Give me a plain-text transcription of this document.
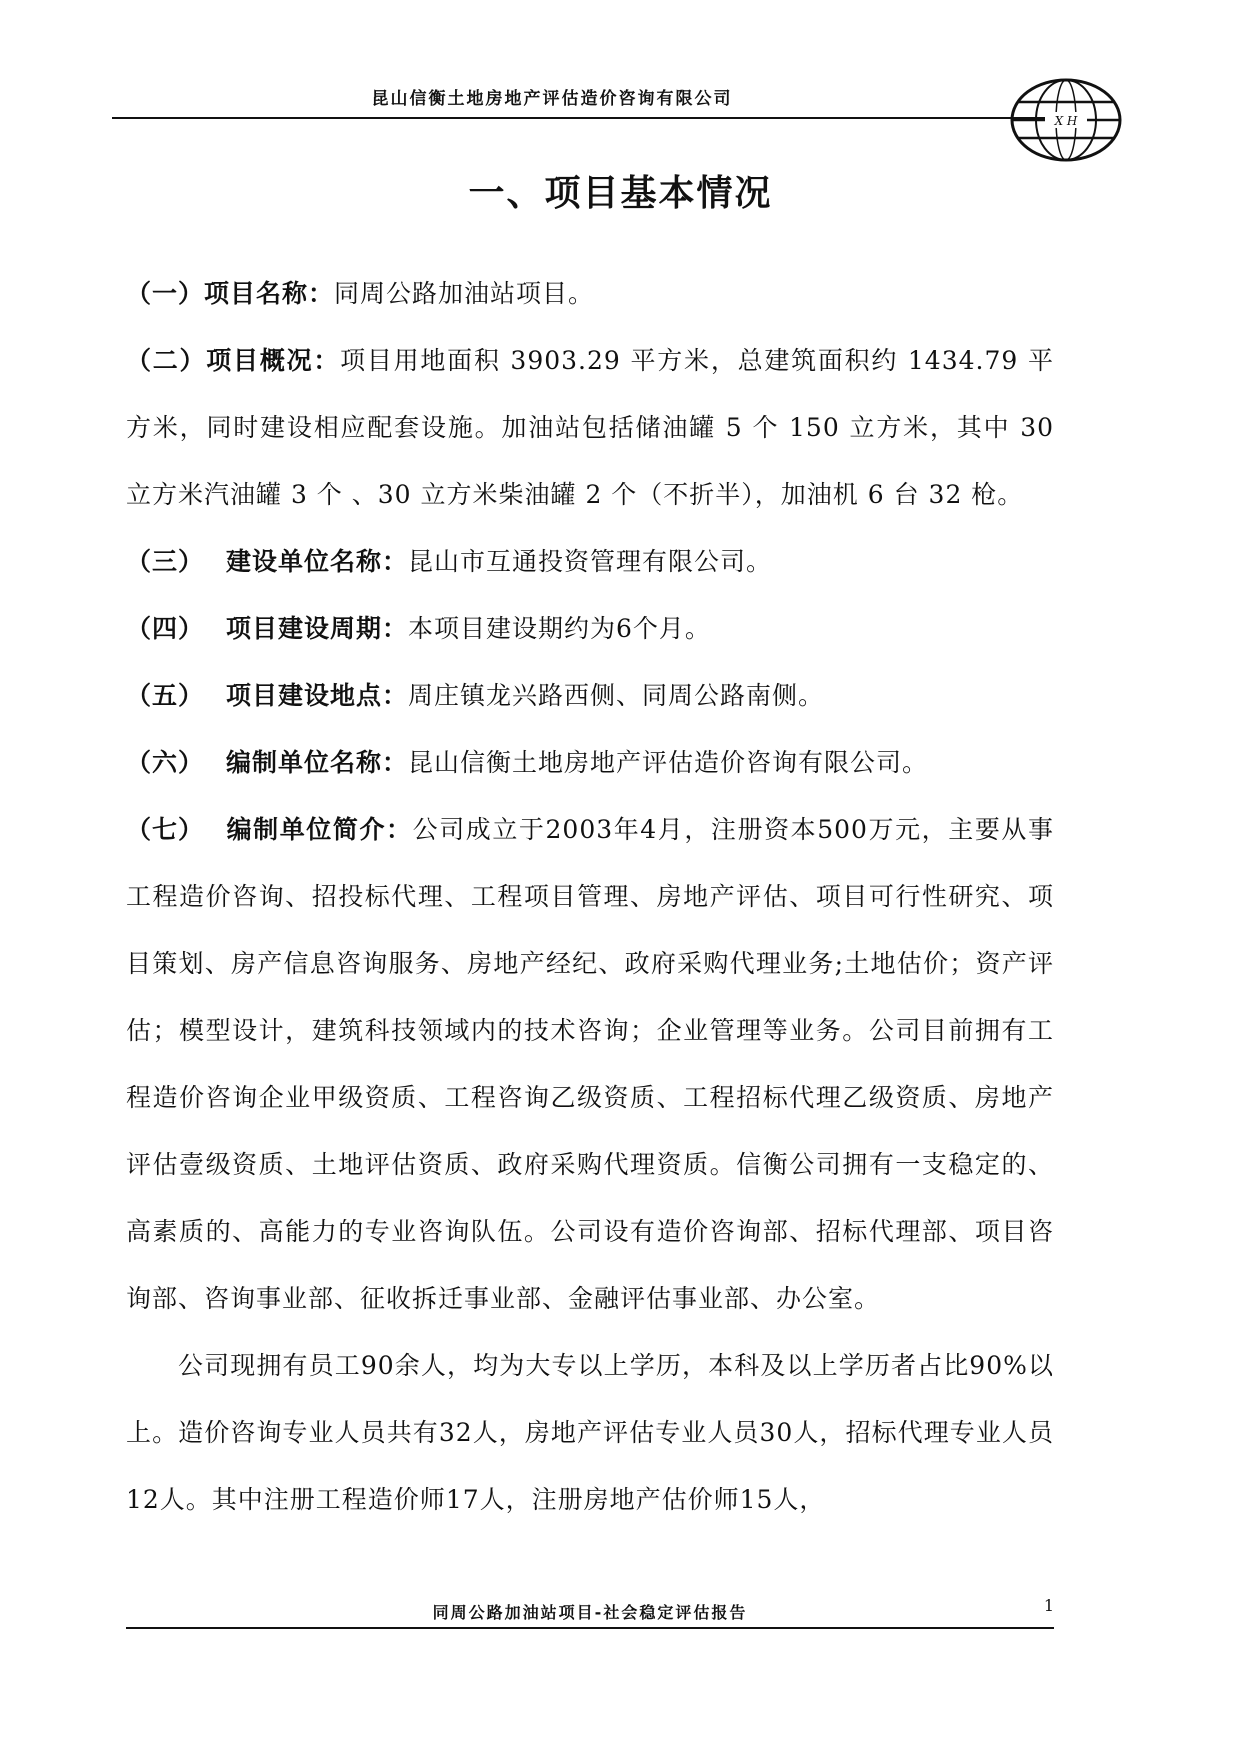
昆山信衡土地房地产评估造价咨询有限公司
X H
一、项目基本情况

（一）项目名称：同周公路加油站项目。

（二）项目概况：项目用地面积 3903.29 平方米，总建筑面积约 1434.79 平方米，同时建设相应配套设施。加油站包括储油罐 5 个 150 立方米，其中 30 立方米汽油罐 3 个 、30 立方米柴油罐 2 个（不折半），加油机 6 台 32 枪。

（三） 建设单位名称：昆山市互通投资管理有限公司。

（四） 项目建设周期：本项目建设期约为6个月。

（五） 项目建设地点：周庄镇龙兴路西侧、同周公路南侧。

（六） 编制单位名称：昆山信衡土地房地产评估造价咨询有限公司。

（七） 编制单位简介：公司成立于2003年4月，注册资本500万元，主要从事工程造价咨询、招投标代理、工程项目管理、房地产评估、项目可行性研究、项目策划、房产信息咨询服务、房地产经纪、政府采购代理业务;土地估价；资产评估；模型设计，建筑科技领域内的技术咨询；企业管理等业务。公司目前拥有工程造价咨询企业甲级资质、工程咨询乙级资质、工程招标代理乙级资质、房地产评估壹级资质、土地评估资质、政府采购代理资质。信衡公司拥有一支稳定的、高素质的、高能力的专业咨询队伍。公司设有造价咨询部、招标代理部、项目咨询部、咨询事业部、征收拆迁事业部、金融评估事业部、办公室。

公司现拥有员工90余人，均为大专以上学历，本科及以上学历者占比90%以上。造价咨询专业人员共有32人，房地产评估专业人员30人，招标代理专业人员12人。其中注册工程造价师17人，注册房地产估价师15人，

同周公路加油站项目-社会稳定评估报告	1
